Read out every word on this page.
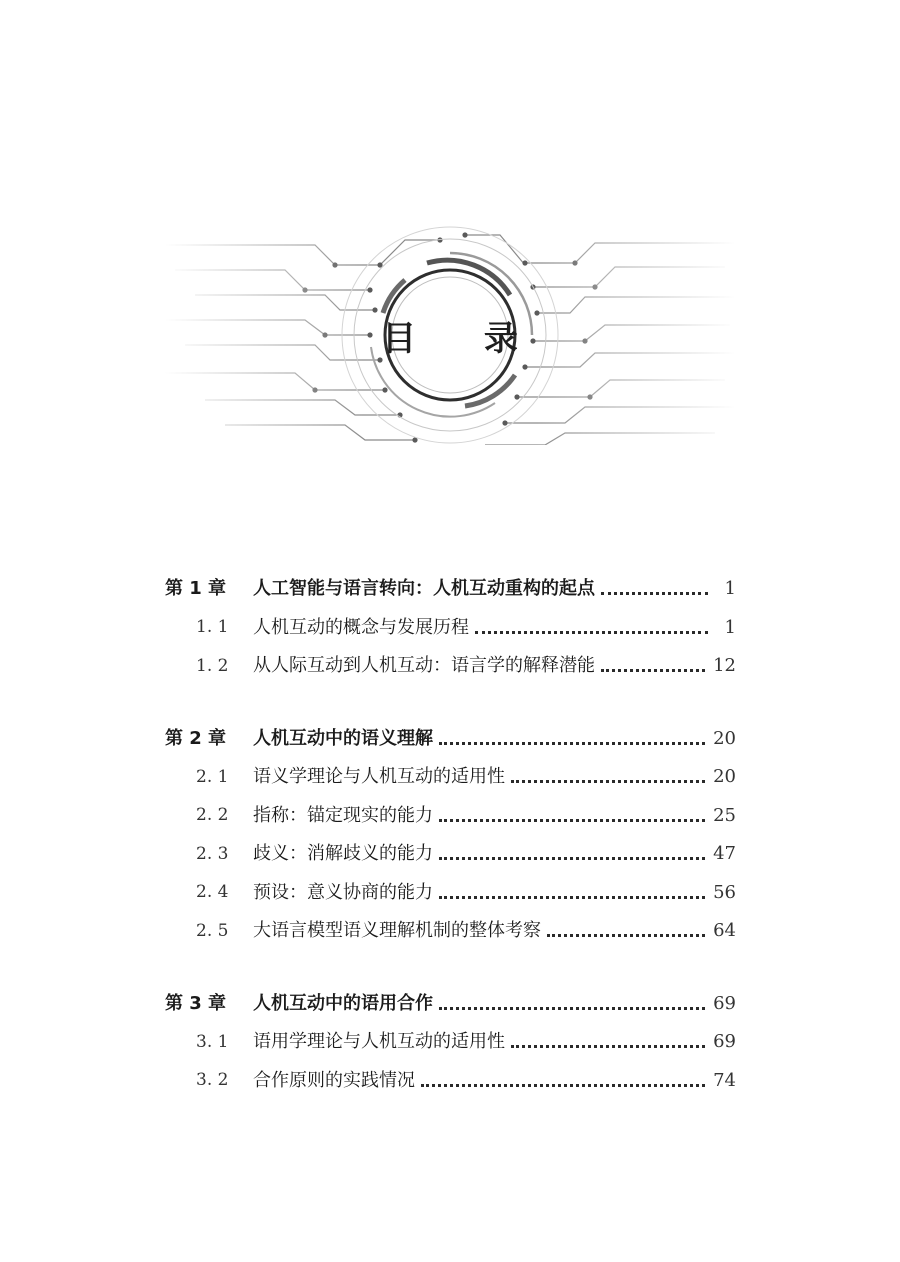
目 录
第 1 章	人工智能与语言转向：人机互动重构的起点	1
1. 1	人机互动的概念与发展历程	1
1. 2	从人际互动到人机互动：语言学的解释潜能	12
第 2 章	人机互动中的语义理解	20
2. 1	语义学理论与人机互动的适用性	20
2. 2	指称：锚定现实的能力	25
2. 3	歧义：消解歧义的能力	47
2. 4	预设：意义协商的能力	56
2. 5	大语言模型语义理解机制的整体考察	64
第 3 章	人机互动中的语用合作	69
3. 1	语用学理论与人机互动的适用性	69
3. 2	合作原则的实践情况	74
